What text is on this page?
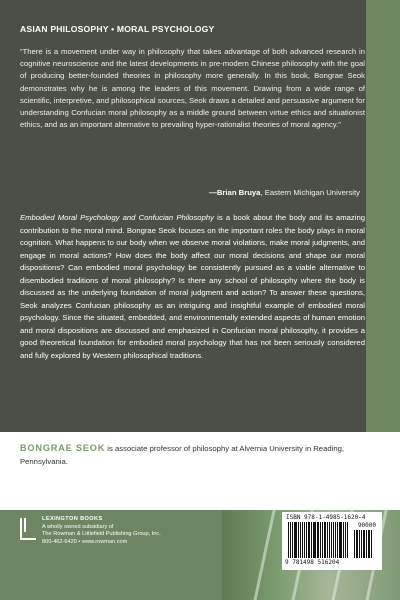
ASIAN PHILOSOPHY • MORAL PSYCHOLOGY
“There is a movement under way in philosophy that takes advantage of both advanced research in cognitive neuroscience and the latest developments in pre-modern Chinese philosophy with the goal of producing better-founded theories in philosophy more generally. In this book, Bongrae Seok demonstrates why he is among the leaders of this movement. Drawing from a wide range of scientific, interpretive, and philosophical sources, Seok draws a detailed and persuasive argument for understanding Confucian moral philosophy as a middle ground between virtue ethics and situationist ethics, and as an important alternative to prevailing hyper-rationalist theories of moral agency.”
—Brian Bruya, Eastern Michigan University
Embodied Moral Psychology and Confucian Philosophy is a book about the body and its amazing contribution to the moral mind. Bongrae Seok focuses on the important roles the body plays in moral cognition. What happens to our body when we observe moral violations, make moral judgments, and engage in moral actions? How does the body affect our moral decisions and shape our moral dispositions? Can embodied moral psychology be consistently pursued as a viable alternative to disembodied traditions of moral philosophy? Is there any school of philosophy where the body is discussed as the underlying foundation of moral judgment and action? To answer these questions, Seok analyzes Confucian philosophy as an intriguing and insightful example of embodied moral psychology. Since the situated, embedded, and environmentally extended aspects of human emotion and moral dispositions are discussed and emphasized in Confucian moral philosophy, it provides a good theoretical foundation for embodied moral psychology that has not been seriously considered and fully explored by Western philosophical traditions.
BONGRAE SEOK is associate professor of philosophy at Alvernia University in Reading, Pennsylvania.
LEXINGTON BOOKS
A wholly owned subsidiary of
The Rowman & Littlefield Publishing Group, Inc.
800-462-6420 • www.rowman.com
ISBN 978-1-4985-1620-4
90000
9 781498 516204
